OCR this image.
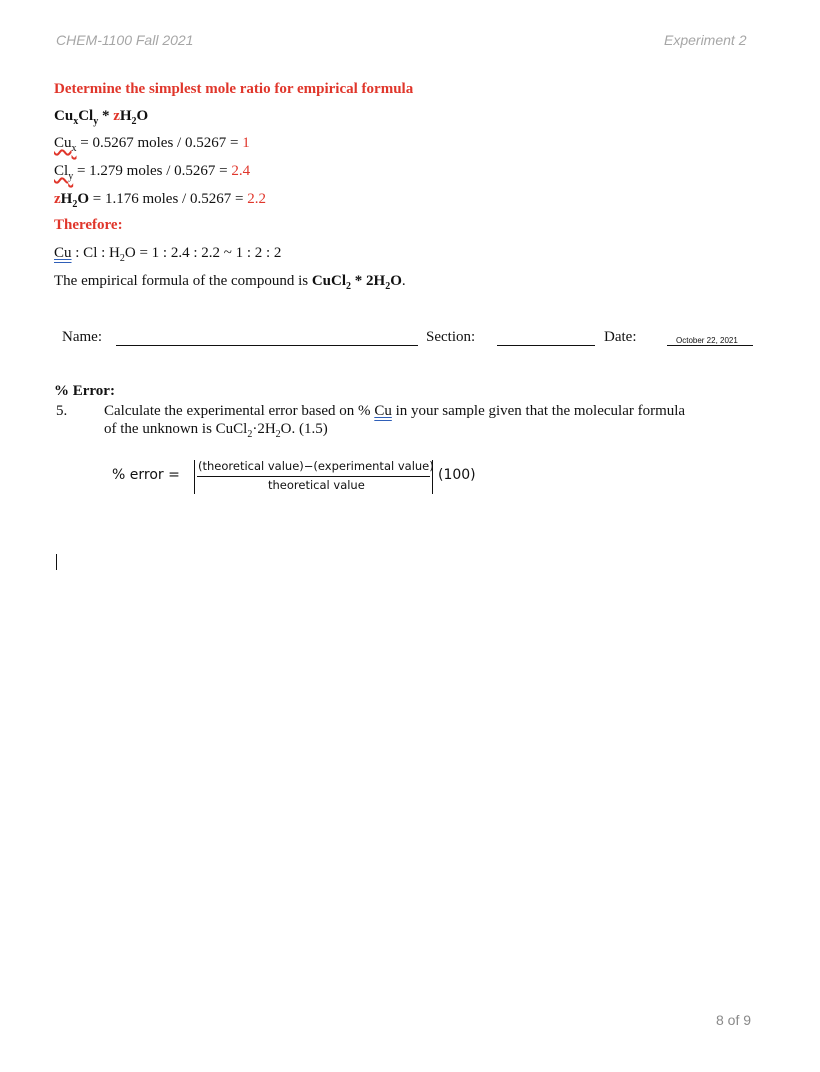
CHEM-1100 Fall 2021	Experiment 2
Determine the simplest mole ratio for empirical formula
$Cu_xCl_y * zH_2O$
$Cu_x = 0.5267$ moles / 0.5267 = 1
$Cl_y = 1.279$ moles / 0.5267 = 2.4
$zH_2O = 1.176$ moles / 0.5267 = 2.2
Therefore:
Cu : Cl : $H_2O = 1$ : 2.4 : 2.2 ~ 1 : 2 : 2
The empirical formula of the compound is CuCl$_2$ * $2H_2O$.
Name:	Section:	Date:	October 22, 2021
% Error:
5. Calculate the experimental error based on % Cu in your sample given that the molecular formula
of the unknown is $CuCl_2\cdot 2H_2O$. (1.5)
% error =
(theoretical value)−(experimental value)
theoretical value
(100)
8 of 9
